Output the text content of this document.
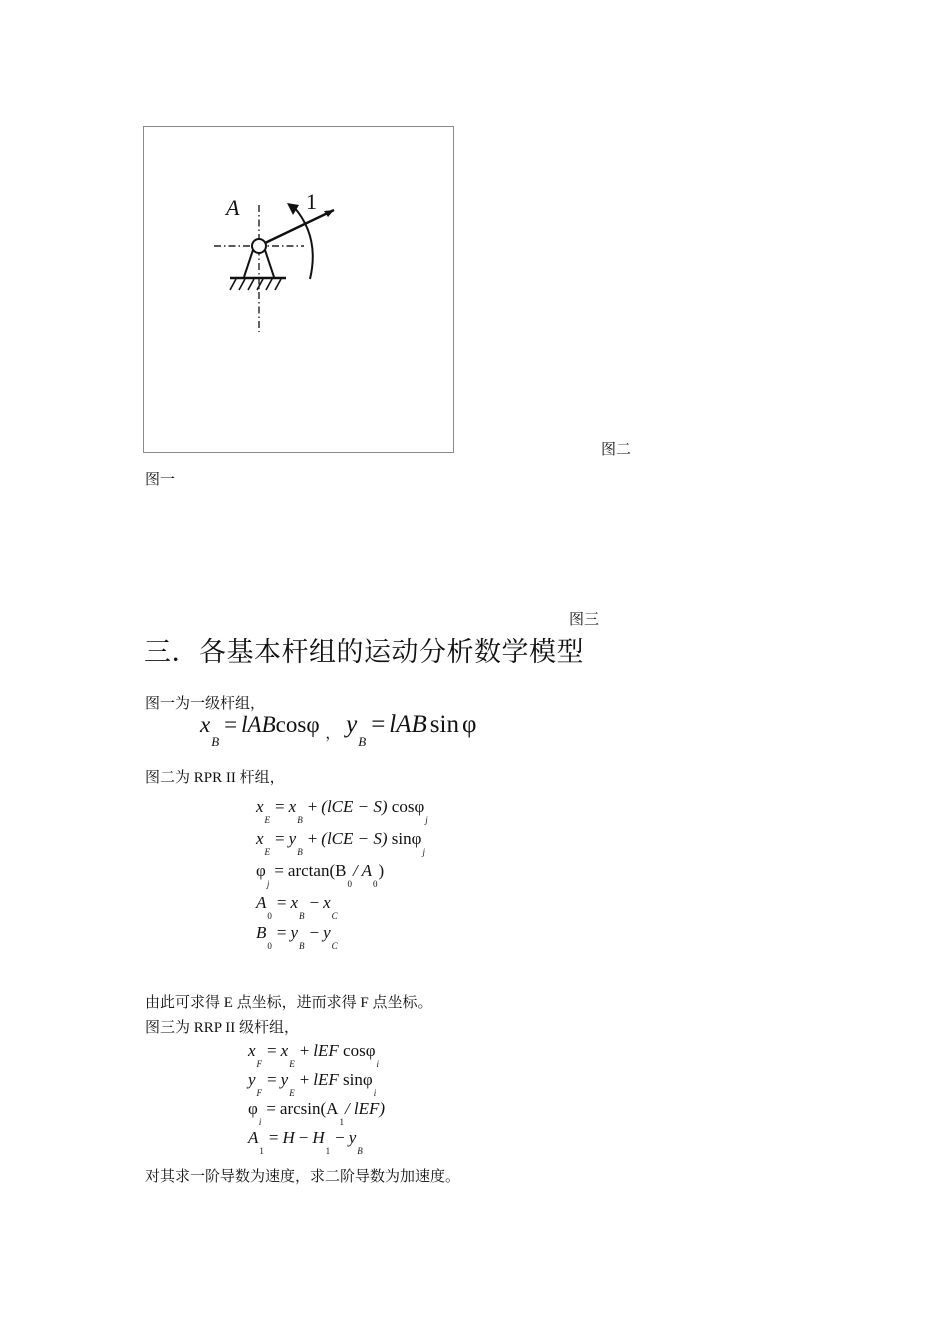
A	1
图二
图一
图三
三．各基本杆组的运动分析数学模型
图一为一级杆组，
$x_B= lABcos\varphi$ $_,$ $y_B=$ lAB sin φ
图二为 RPR II 杆组，
$x_E= x_B+ (lCE - S)$ cosφ$_j$
$x_E= y_B+ (lCE - S)$ sinφ$_j$
$\varphi_j= \arctan(B_0/$ $A_0$)
$A_0= x_B- x_C$
$B_0= y_B- y_C$
由此可求得 E 点坐标，进而求得 F 点坐标。
图三为 RRP II 级杆组，
$x_F= x_E+$ lEF cosφ$_i$
$y_F= y_E+$ lEF sinφ$_i$
$\varphi_i= \arcsin(A_1/$ lEF)
$A_1= H - H_1- y_B$
对其求一阶导数为速度，求二阶导数为加速度。
